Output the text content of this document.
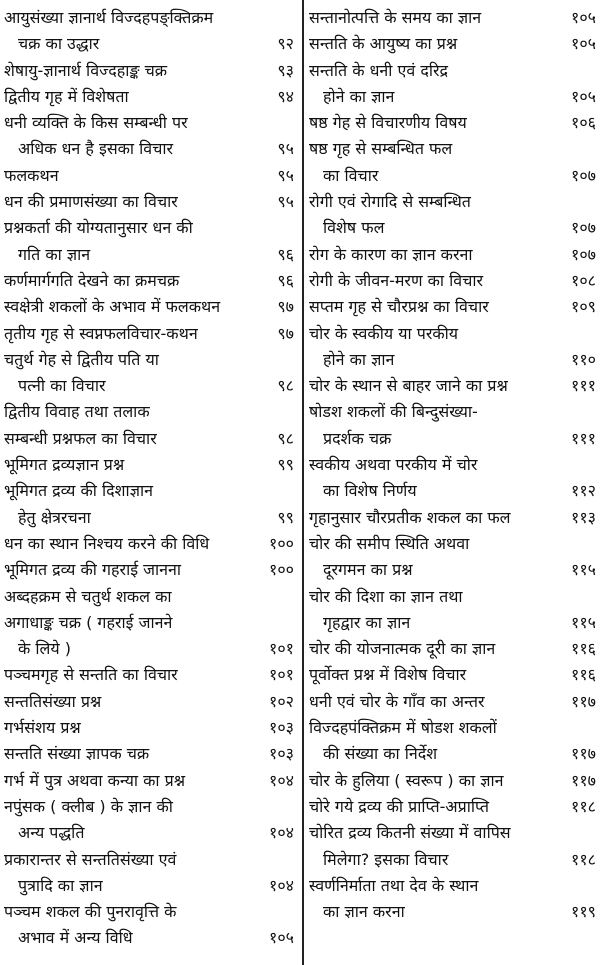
आयुसंख्या ज्ञानार्थ विज्दहपङ्क्तिक्रम
चक्र का उद्धार	९२
शेषायु-ज्ञानार्थ विज्दहाङ्क चक्र	९३
द्वितीय गृह में विशेषता	९४
धनी व्यक्ति के किस सम्बन्धी पर
अधिक धन है इसका विचार	९५
फलकथन	९५
धन की प्रमाणसंख्या का विचार	९५
प्रश्नकर्ता की योग्यतानुसार धन की
गति का ज्ञान	९६
कर्णमार्गगति देखने का क्रमचक्र	९६
स्वक्षेत्री शकलों के अभाव में फलकथन	९७
तृतीय गृह से स्वप्नफलविचार-कथन	९७
चतुर्थ गेह से द्वितीय पति या
पत्नी का विचार	९८
द्वितीय विवाह तथा तलाक
सम्बन्धी प्रश्नफल का विचार	९८
भूमिगत द्रव्यज्ञान प्रश्न	९९
भूमिगत द्रव्य की दिशाज्ञान
हेतु क्षेत्ररचना	९९
धन का स्थान निश्चय करने की विधि	१००
भूमिगत द्रव्य की गहराई जानना	१००
अब्दहक्रम से चतुर्थ शकल का
अगाधाङ्क चक्र ( गहराई जानने
के लिये )	१०१
पञ्चमगृह से सन्तति का विचार	१०१
सन्ततिसंख्या प्रश्न	१०२
गर्भसंशय प्रश्न	१०३
सन्तति संख्या ज्ञापक चक्र	१०३
गर्भ में पुत्र अथवा कन्या का प्रश्न	१०४
नपुंसक ( क्लीब ) के ज्ञान की
अन्य पद्धति	१०४
प्रकारान्तर से सन्ततिसंख्या एवं
पुत्रादि का ज्ञान	१०४
पञ्चम शकल की पुनरावृत्ति के
अभाव में अन्य विधि	१०५
सन्तानोत्पत्ति के समय का ज्ञान	१०५
सन्तति के आयुष्य का प्रश्न	१०५
सन्तति के धनी एवं दरिद्र
होने का ज्ञान	१०५
षष्ठ गेह से विचारणीय विषय	१०६
षष्ठ गृह से सम्बन्धित फल
का विचार	१०७
रोगी एवं रोगादि से सम्बन्धित
विशेष फल	१०७
रोग के कारण का ज्ञान करना	१०७
रोगी के जीवन-मरण का विचार	१०८
सप्तम गृह से चौरप्रश्न का विचार	१०९
चोर के स्वकीय या परकीय
होने का ज्ञान	११०
चोर के स्थान से बाहर जाने का प्रश्न	१११
षोडश शकलों की बिन्दुसंख्या-
प्रदर्शक चक्र	१११
स्वकीय अथवा परकीय में चोर
का विशेष निर्णय	११२
गृहानुसार चौरप्रतीक शकल का फल	११३
चोर की समीप स्थिति अथवा
दूरगमन का प्रश्न	११५
चोर की दिशा का ज्ञान तथा
गृहद्वार का ज्ञान	११५
चोर की योजनात्मक दूरी का ज्ञान	११६
पूर्वोक्त प्रश्न में विशेष विचार	११६
धनी एवं चोर के गाँव का अन्तर	११७
विज्दहपंक्तिक्रम में षोडश शकलों
की संख्या का निर्देश	११७
चोर के हुलिया ( स्वरूप ) का ज्ञान	११७
चोरे गये द्रव्य की प्राप्ति-अप्राप्ति	११८
चोरित द्रव्य कितनी संख्या में वापिस
मिलेगा? इसका विचार	११८
स्वर्णनिर्माता तथा देव के स्थान
का ज्ञान करना	११९
